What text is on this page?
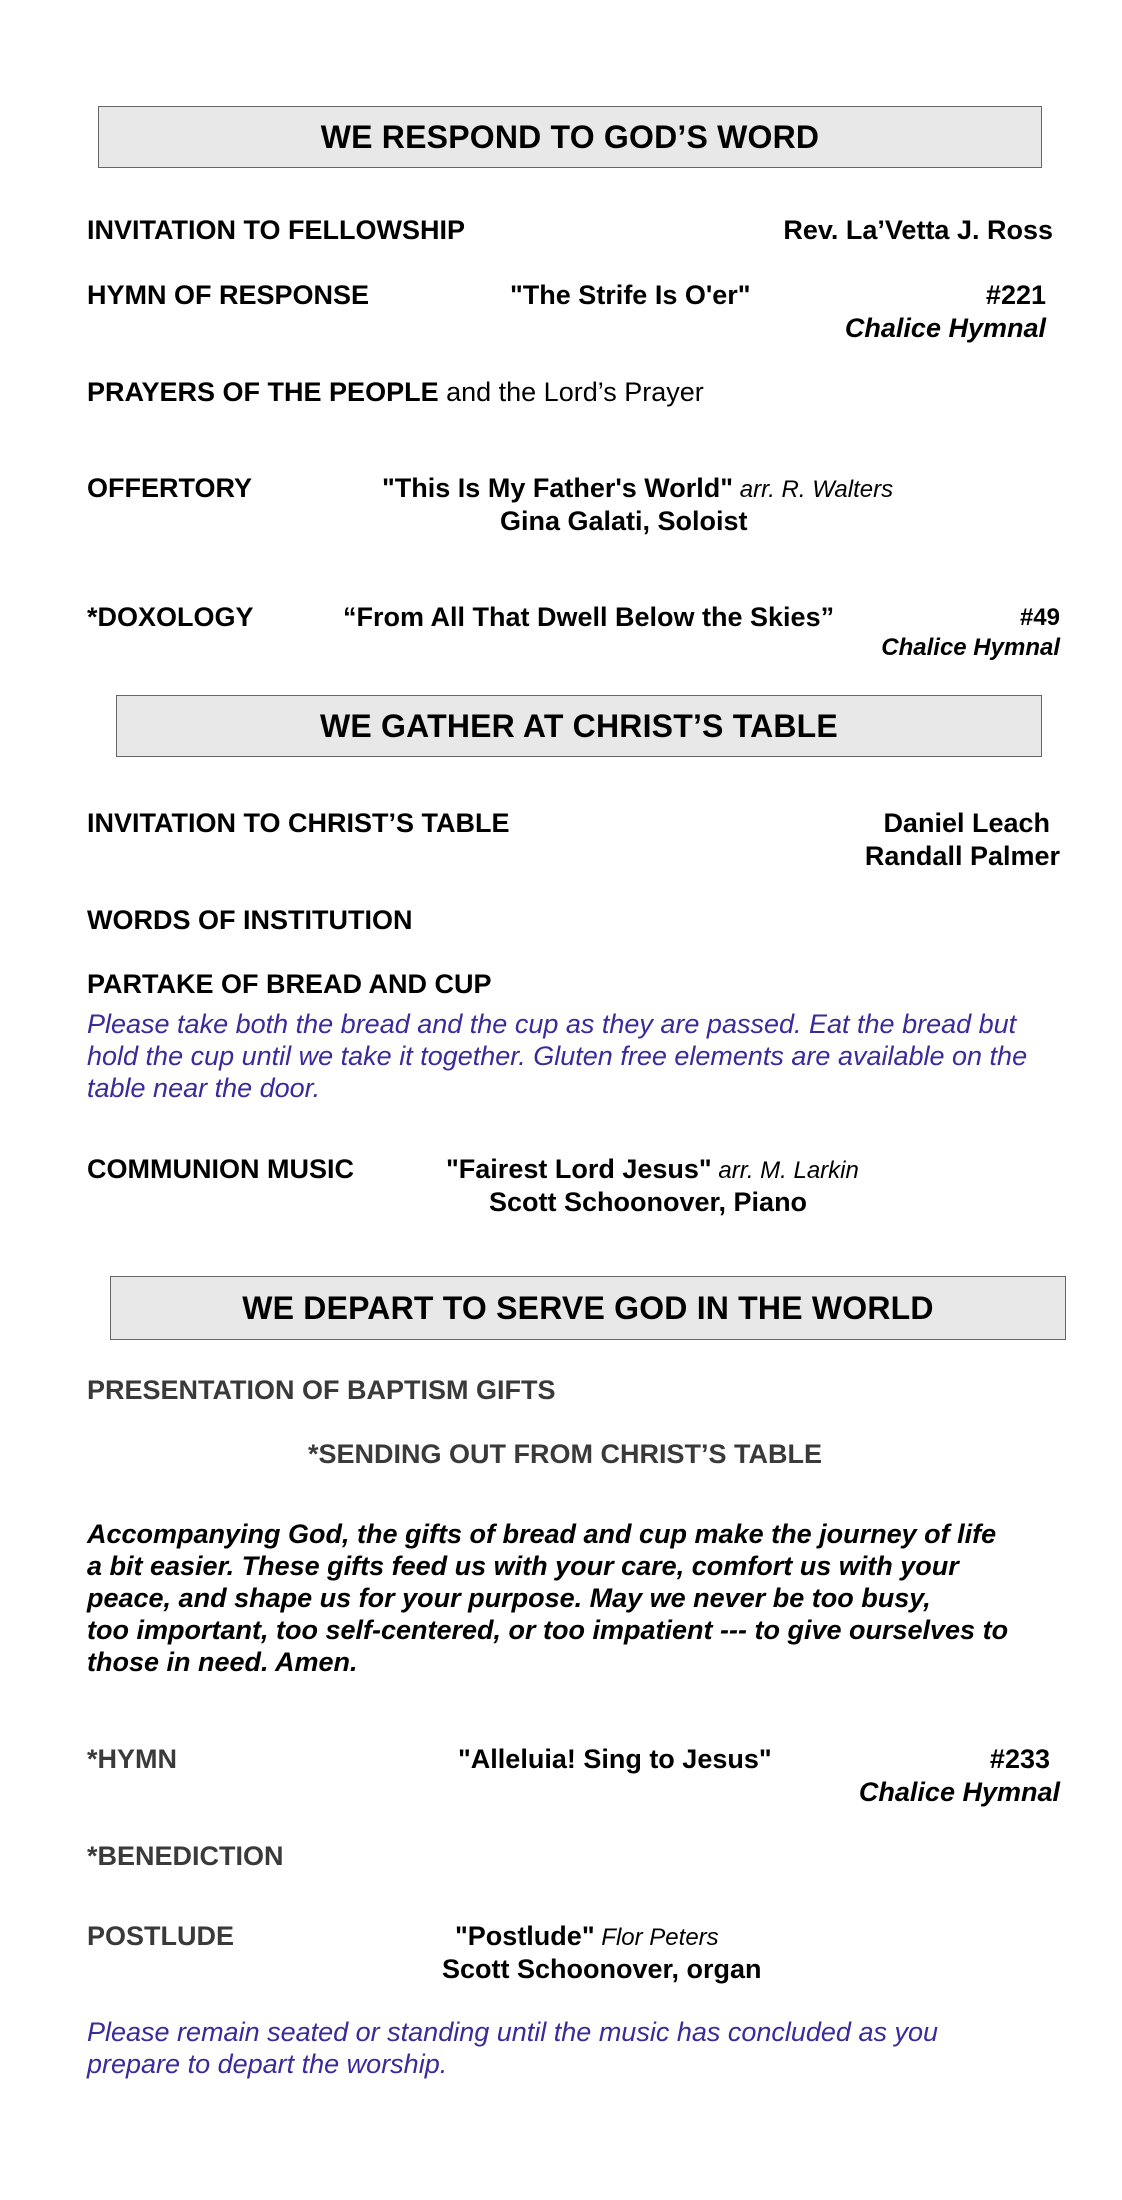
WE RESPOND TO GOD’S WORD
INVITATION TO FELLOWSHIP	Rev. La’Vetta J. Ross
HYMN OF RESPONSE	"The Strife Is O'er"	#221
Chalice Hymnal
PRAYERS OF THE PEOPLE and the Lord’s Prayer
OFFERTORY	"This Is My Father's World" arr. R. Walters
Gina Galati, Soloist
*DOXOLOGY	“From All That Dwell Below the Skies”	#49
Chalice Hymnal
WE GATHER AT CHRIST’S TABLE
INVITATION TO CHRIST’S TABLE	Daniel Leach
Randall Palmer
WORDS OF INSTITUTION
PARTAKE OF BREAD AND CUP
Please take both the bread and the cup as they are passed. Eat the bread but hold the cup until we take it together. Gluten free elements are available on the table near the door.
COMMUNION MUSIC	"Fairest Lord Jesus" arr. M. Larkin
Scott Schoonover, Piano
WE DEPART TO SERVE GOD IN THE WORLD
PRESENTATION OF BAPTISM GIFTS
*SENDING OUT FROM CHRIST’S TABLE
Accompanying God, the gifts of bread and cup make the journey of life
a bit easier. These gifts feed us with your care, comfort us with your
peace, and shape us for your purpose. May we never be too busy,
too important, too self-centered, or too impatient --- to give ourselves to
those in need. Amen.
*HYMN	"Alleluia! Sing to Jesus"	#233
Chalice Hymnal
*BENEDICTION
POSTLUDE	"Postlude" Flor Peters
Scott Schoonover, organ
Please remain seated or standing until the music has concluded as you prepare to depart the worship.
